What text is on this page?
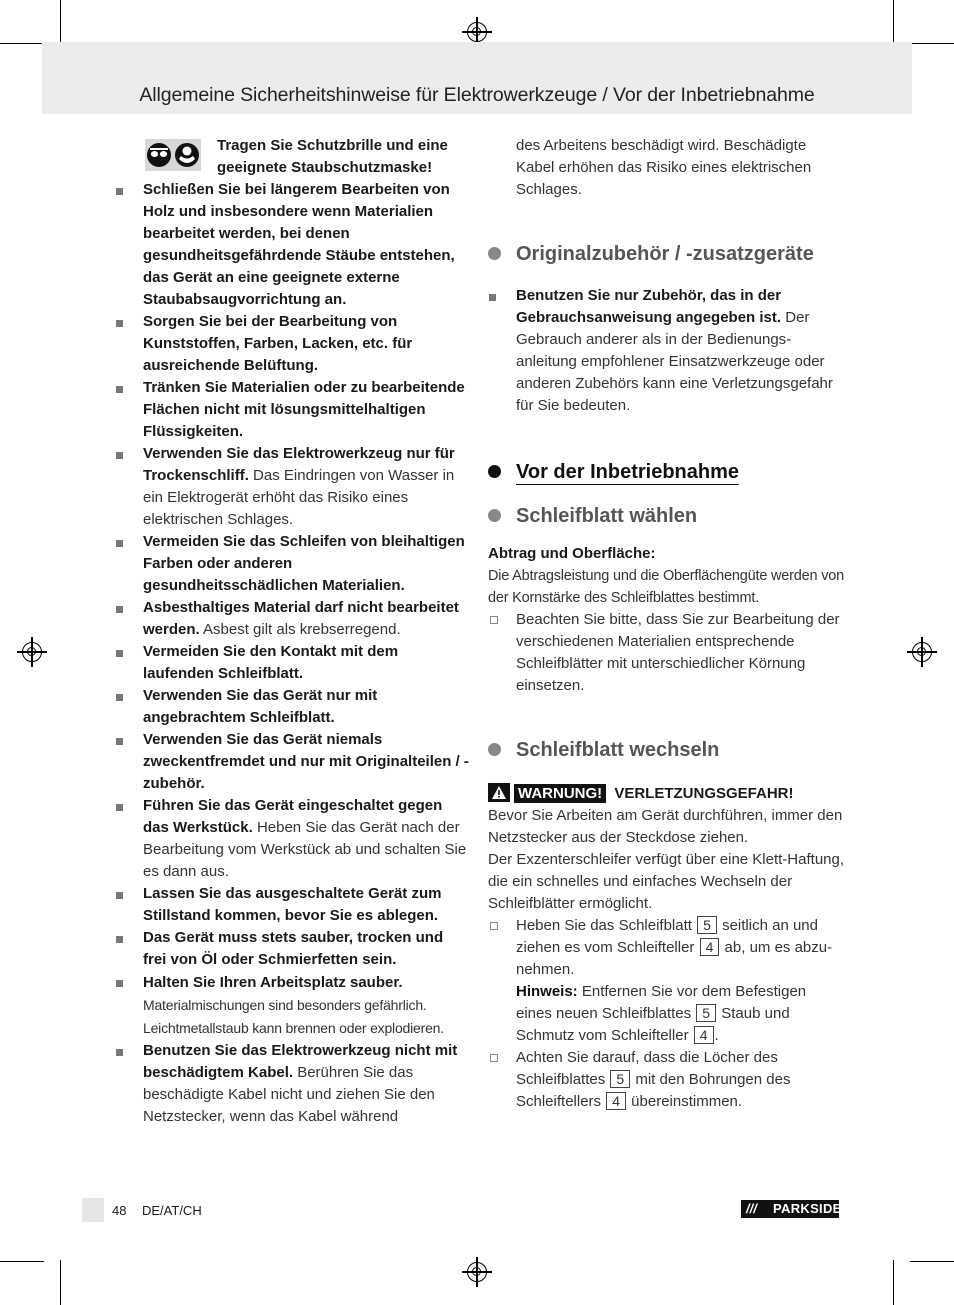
Allgemeine Sicherheitshinweise für Elektrowerkzeuge / Vor der Inbetriebnahme
Tragen Sie Schutzbrille und eine geeignete Staubschutzmaske!
Schließen Sie bei längerem Bearbeiten von Holz und insbesondere wenn Materialien bearbeitet werden, bei denen gesundheitsgefährdende Stäube entstehen, das Gerät an eine geeignete externe Staubabsaugvorrichtung an.
Sorgen Sie bei der Bearbeitung von Kunststoffen, Farben, Lacken, etc. für ausreichende Belüftung.
Tränken Sie Materialien oder zu bearbeitende Flächen nicht mit lösungsmittelhaltigen Flüssigkeiten.
Verwenden Sie das Elektrowerkzeug nur für Trockenschliff. Das Eindringen von Wasser in ein Elektrogerät erhöht das Risiko eines elektrischen Schlages.
Vermeiden Sie das Schleifen von bleihaltigen Farben oder anderen gesundheitsschädlichen Materialien.
Asbesthaltiges Material darf nicht bearbeitet werden. Asbest gilt als krebserregend.
Vermeiden Sie den Kontakt mit dem laufenden Schleifblatt.
Verwenden Sie das Gerät nur mit angebrachtem Schleifblatt.
Verwenden Sie das Gerät niemals zweckentfremdet und nur mit Originalteilen / -zubehör.
Führen Sie das Gerät eingeschaltet gegen das Werkstück. Heben Sie das Gerät nach der Bearbeitung vom Werkstück ab und schalten Sie es dann aus.
Lassen Sie das ausgeschaltete Gerät zum Stillstand kommen, bevor Sie es ablegen.
Das Gerät muss stets sauber, trocken und frei von Öl oder Schmierfetten sein.
Halten Sie Ihren Arbeitsplatz sauber. Materialmischungen sind besonders gefährlich. Leichtmetallstaub kann brennen oder explodieren.
Benutzen Sie das Elektrowerkzeug nicht mit beschädigtem Kabel. Berühren Sie das beschädigte Kabel nicht und ziehen Sie den Netzstecker, wenn das Kabel während
des Arbeitens beschädigt wird. Beschädigte Kabel erhöhen das Risiko eines elektrischen Schlages.
Originalzubehör / -zusatzgeräte
Benutzen Sie nur Zubehör, das in der Gebrauchsanweisung angegeben ist. Der Gebrauch anderer als in der Bedienungsanleitung empfohlener Einsatzwerkzeuge oder anderen Zubehörs kann eine Verletzungsgefahr für Sie bedeuten.
Vor der Inbetriebnahme
Schleifblatt wählen
Abtrag und Oberfläche:
Die Abtragsleistung und die Oberflächengüte werden von der Kornstärke des Schleifblattes bestimmt.
Beachten Sie bitte, dass Sie zur Bearbeitung der verschiedenen Materialien entsprechende Schleifblätter mit unterschiedlicher Körnung einsetzen.
Schleifblatt wechseln
WARNUNG! VERLETZUNGSGEFAHR!
Bevor Sie Arbeiten am Gerät durchführen, immer den Netzstecker aus der Steckdose ziehen.
Der Exzenterschleifer verfügt über eine Klett-Haftung, die ein schnelles und einfaches Wechseln der Schleifblätter ermöglicht.
Heben Sie das Schleifblatt 5 seitlich an und ziehen es vom Schleifteller 4 ab, um es abzunehmen.
Hinweis: Entfernen Sie vor dem Befestigen eines neuen Schleifblattes 5 Staub und Schmutz vom Schleifteller 4 .
Achten Sie darauf, dass die Löcher des Schleifblattes 5 mit den Bohrungen des Schleiftellers 4 übereinstimmen.
48 DE/AT/CH	/// PARKSIDE
